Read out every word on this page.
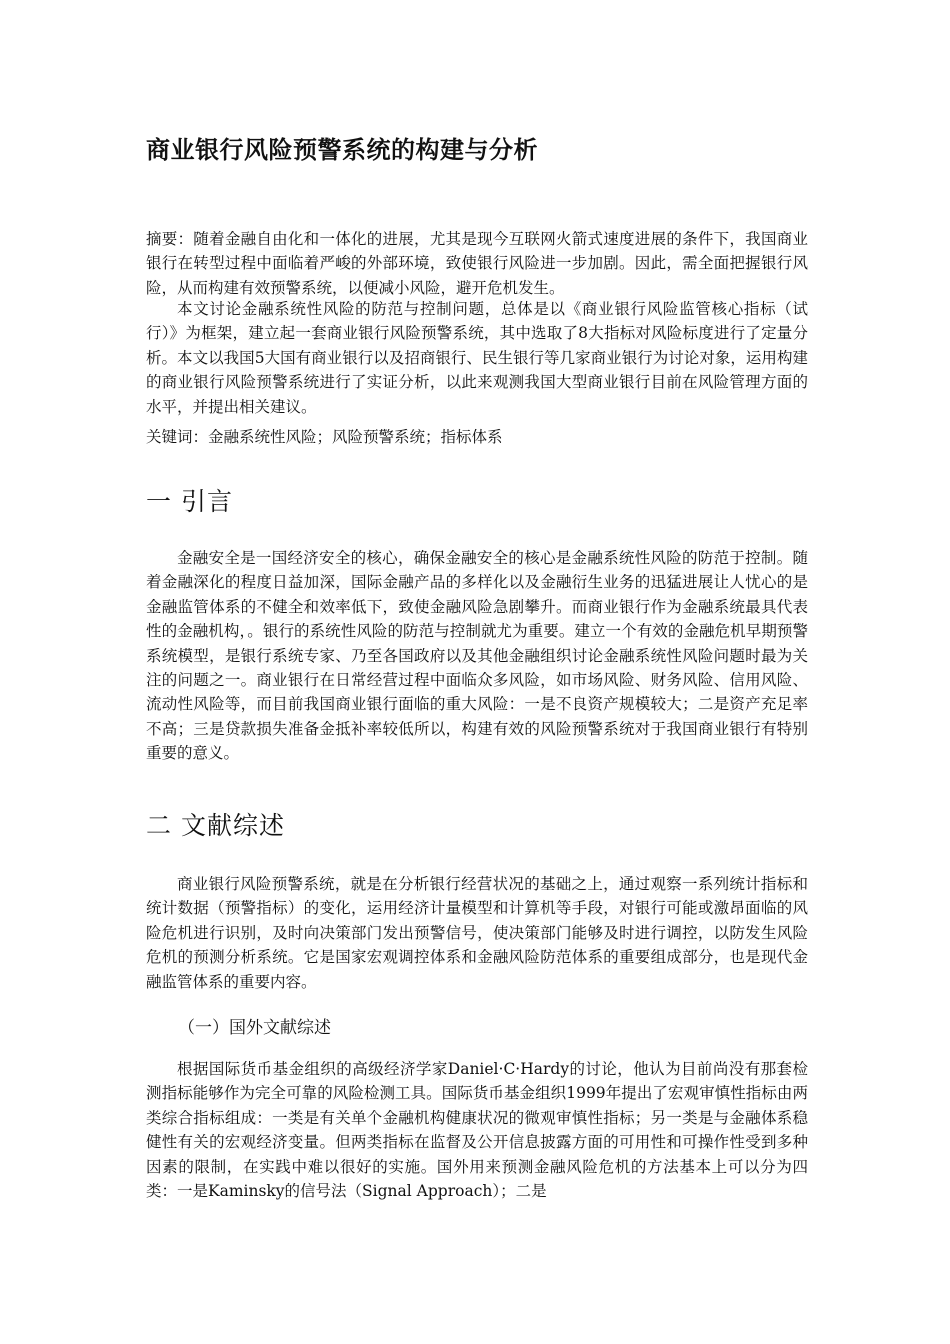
商业银行风险预警系统的构建与分析

摘要：随着金融自由化和一体化的进展，尤其是现今互联网火箭式速度进展的条件下，我国商业银行在转型过程中面临着严峻的外部环境，致使银行风险进一步加剧。因此，需全面把握银行风险，从而构建有效预警系统，以便减小风险，避开危机发生。

本文讨论金融系统性风险的防范与控制问题，总体是以《商业银行风险监管核心指标（试行）》为框架，建立起一套商业银行风险预警系统，其中选取了8大指标对风险标度进行了定量分析。本文以我国5大国有商业银行以及招商银行、民生银行等几家商业银行为讨论对象，运用构建的商业银行风险预警系统进行了实证分析，以此来观测我国大型商业银行目前在风险管理方面的水平，并提出相关建议。

关键词：金融系统性风险；风险预警系统；指标体系

一 引言

金融安全是一国经济安全的核心，确保金融安全的核心是金融系统性风险的防范于控制。随着金融深化的程度日益加深，国际金融产品的多样化以及金融衍生业务的迅猛进展让人忧心的是金融监管体系的不健全和效率低下，致使金融风险急剧攀升。而商业银行作为金融系统最具代表性的金融机构，。银行的系统性风险的防范与控制就尤为重要。建立一个有效的金融危机早期预警系统模型，是银行系统专家、乃至各国政府以及其他金融组织讨论金融系统性风险问题时最为关注的问题之一。商业银行在日常经营过程中面临众多风险，如市场风险、财务风险、信用风险、流动性风险等，而目前我国商业银行面临的重大风险：一是不良资产规模较大；二是资产充足率不高；三是贷款损失准备金抵补率较低所以，构建有效的风险预警系统对于我国商业银行有特别重要的意义。

二 文献综述

商业银行风险预警系统，就是在分析银行经营状况的基础之上，通过观察一系列统计指标和统计数据（预警指标）的变化，运用经济计量模型和计算机等手段，对银行可能或激昂面临的风险危机进行识别，及时向决策部门发出预警信号，使决策部门能够及时进行调控，以防发生风险危机的预测分析系统。它是国家宏观调控体系和金融风险防范体系的重要组成部分，也是现代金融监管体系的重要内容。

（一）国外文献综述

根据国际货币基金组织的高级经济学家Daniel·C·Hardy的讨论，他认为目前尚没有那套检测指标能够作为完全可靠的风险检测工具。国际货币基金组织1999年提出了宏观审慎性指标由两类综合指标组成：一类是有关单个金融机构健康状况的微观审慎性指标；另一类是与金融体系稳健性有关的宏观经济变量。但两类指标在监督及公开信息披露方面的可用性和可操作性受到多种因素的限制，在实践中难以很好的实施。国外用来预测金融风险危机的方法基本上可以分为四类：一是Kaminsky的信号法（Signal Approach）；二是
